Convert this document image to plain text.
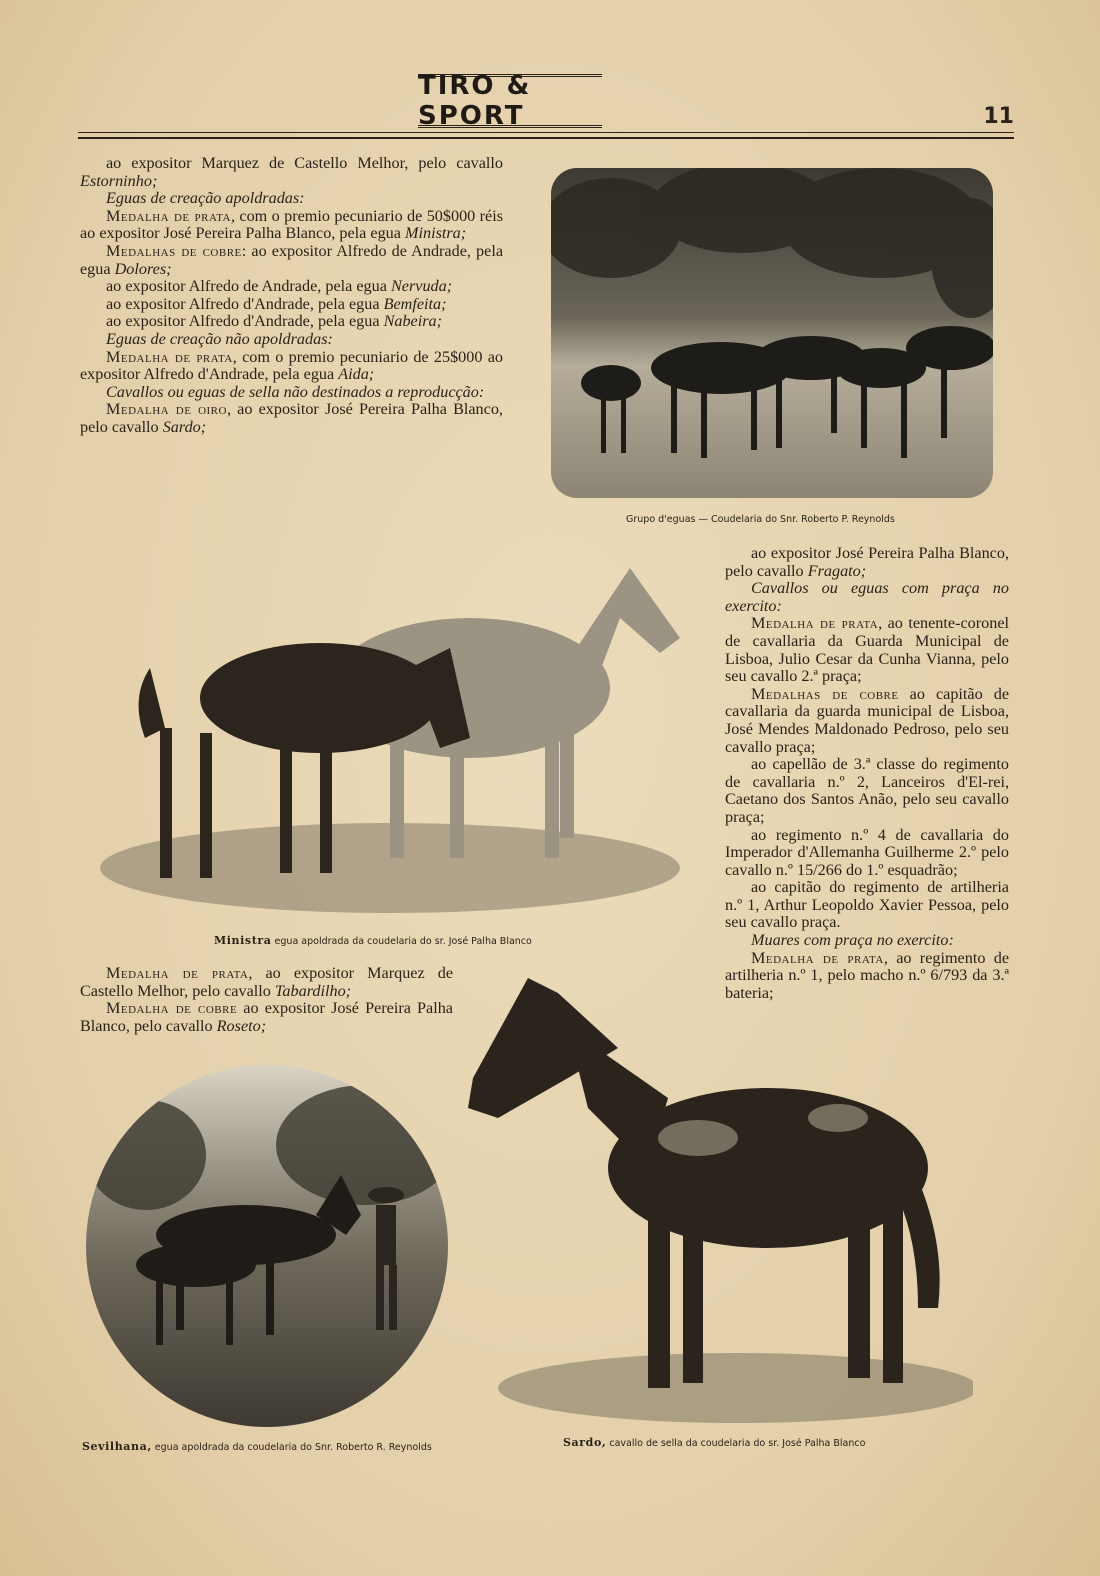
TIRO & SPORT	11

ao expositor Marquez de Castello Melhor, pelo cavallo Estorninho;

Eguas de creação apoldradas:

Medalha de prata, com o premio pecuniario de 50$000 réis ao expositor José Pereira Palha Blanco, pela egua Ministra;

Medalhas de cobre: ao expositor Alfredo de Andrade, pela egua Dolores;

ao expositor Alfredo de Andrade, pela egua Nervuda;

ao expositor Alfredo d'Andrade, pela egua Bemfeita;

ao expositor Alfredo d'Andrade, pela egua Nabeira;

Eguas de creação não apoldradas:

Medalha de prata, com o premio pecuniario de 25$000 ao expositor Alfredo d'Andrade, pela egua Aida;

Cavallos ou eguas de sella não destinados a reproducção:

Medalha de oiro, ao expositor José Pereira Palha Blanco, pelo cavallo Sardo;

Grupo d'eguas — Coudelaria do Snr. Roberto P. Reynolds

ao expositor José Pereira Palha Blanco, pelo cavallo Fragato;

Cavallos ou eguas com praça no exercito:

Medalha de prata, ao tenente-coronel de cavallaria da Guarda Municipal de Lisboa, Julio Cesar da Cunha Vianna, pelo seu cavallo 2.ª praça;

Medalhas de cobre ao capitão de cavallaria da guarda municipal de Lisboa, José Mendes Maldonado Pedroso, pelo seu cavallo praça;

ao capellão de 3.ª classe do regimento de cavallaria n.º 2, Lanceiros d'El-rei, Caetano dos Santos Anão, pelo seu cavallo praça;

ao regimento n.º 4 de cavallaria do Imperador d'Allemanha Guilherme 2.º pelo cavallo n.º 15/266 do 1.º esquadrão;

ao capitão do regimento de artilheria n.º 1, Arthur Leopoldo Xavier Pessoa, pelo seu cavallo praça.

Muares com praça no exercito:

Medalha de prata, ao regimento de artilheria n.º 1, pelo macho n.º 6/793 da 3.ª bateria;

Ministra egua apoldrada da coudelaria do sr. José Palha Blanco

Medalha de prata, ao expositor Marquez de Castello Melhor, pelo cavallo Tabardilho;

Medalha de cobre ao expositor José Pereira Palha Blanco, pelo cavallo Roseto;

Sevilhana, egua apoldrada da coudelaria do Snr. Roberto R. Reynolds	Sardo, cavallo de sella da coudelaria do sr. José Palha Blanco
